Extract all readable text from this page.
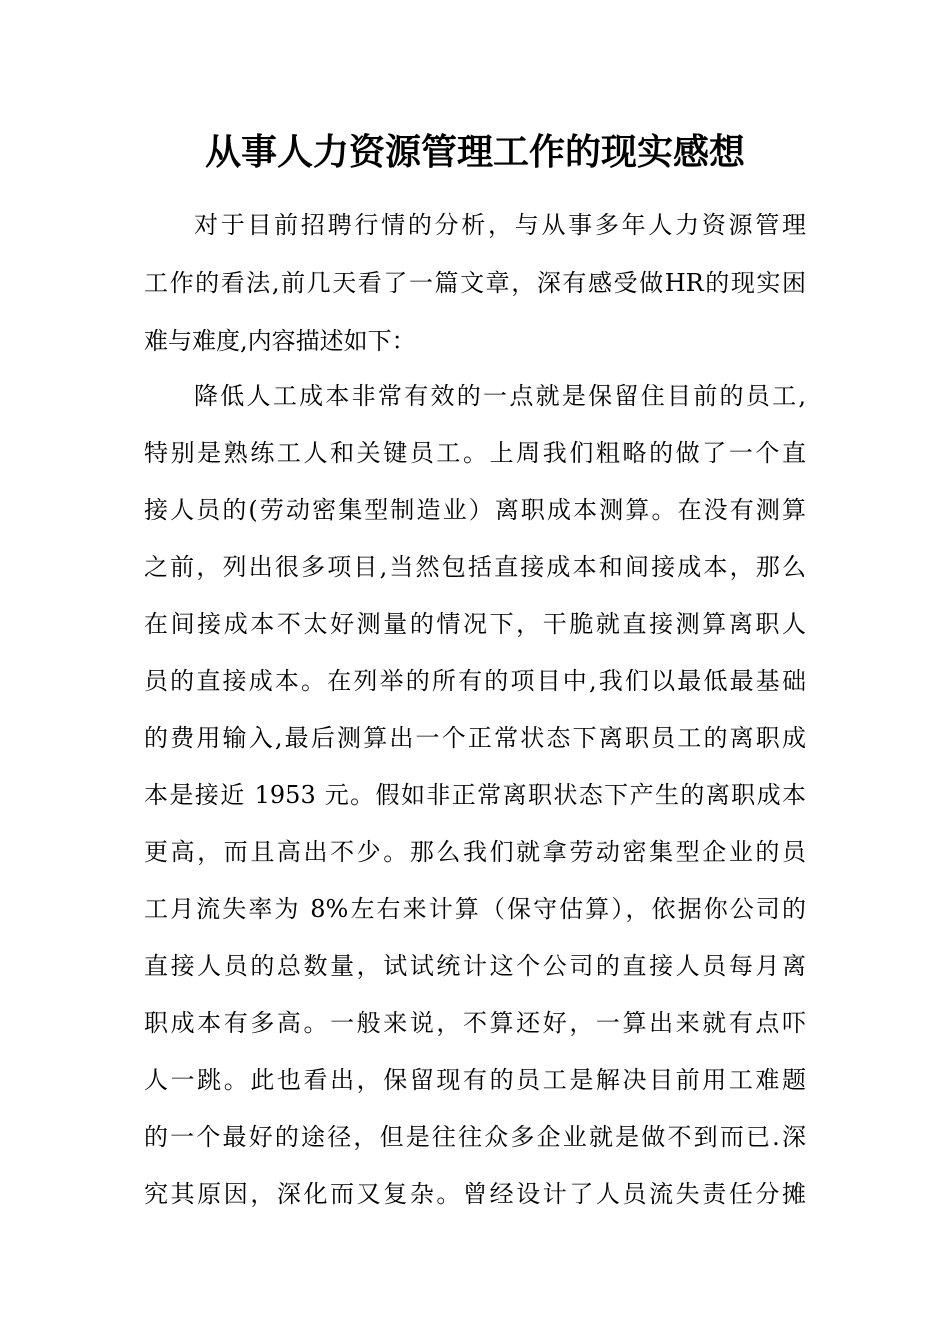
从事人力资源管理工作的现实感想
对于目前招聘行情的分析，与从事多年人力资源管理
工作的看法,前几天看了一篇文章，深有感受做HR的现实困
难与难度,内容描述如下：
降低人工成本非常有效的一点就是保留住目前的员工,
特别是熟练工人和关键员工。上周我们粗略的做了一个直
接人员的(劳动密集型制造业）离职成本测算。在没有测算
之前，列出很多项目,当然包括直接成本和间接成本，那么
在间接成本不太好测量的情况下，干脆就直接测算离职人
员的直接成本。在列举的所有的项目中,我们以最低最基础
的费用输入,最后测算出一个正常状态下离职员工的离职成
本是接近 1953 元。假如非正常离职状态下产生的离职成本
更高，而且高出不少。那么我们就拿劳动密集型企业的员
工月流失率为 8%左右来计算（保守估算），依据你公司的
直接人员的总数量，试试统计这个公司的直接人员每月离
职成本有多高。一般来说，不算还好，一算出来就有点吓
人一跳。此也看出，保留现有的员工是解决目前用工难题
的一个最好的途径，但是往往众多企业就是做不到而已.深
究其原因，深化而又复杂。曾经设计了人员流失责任分摊
